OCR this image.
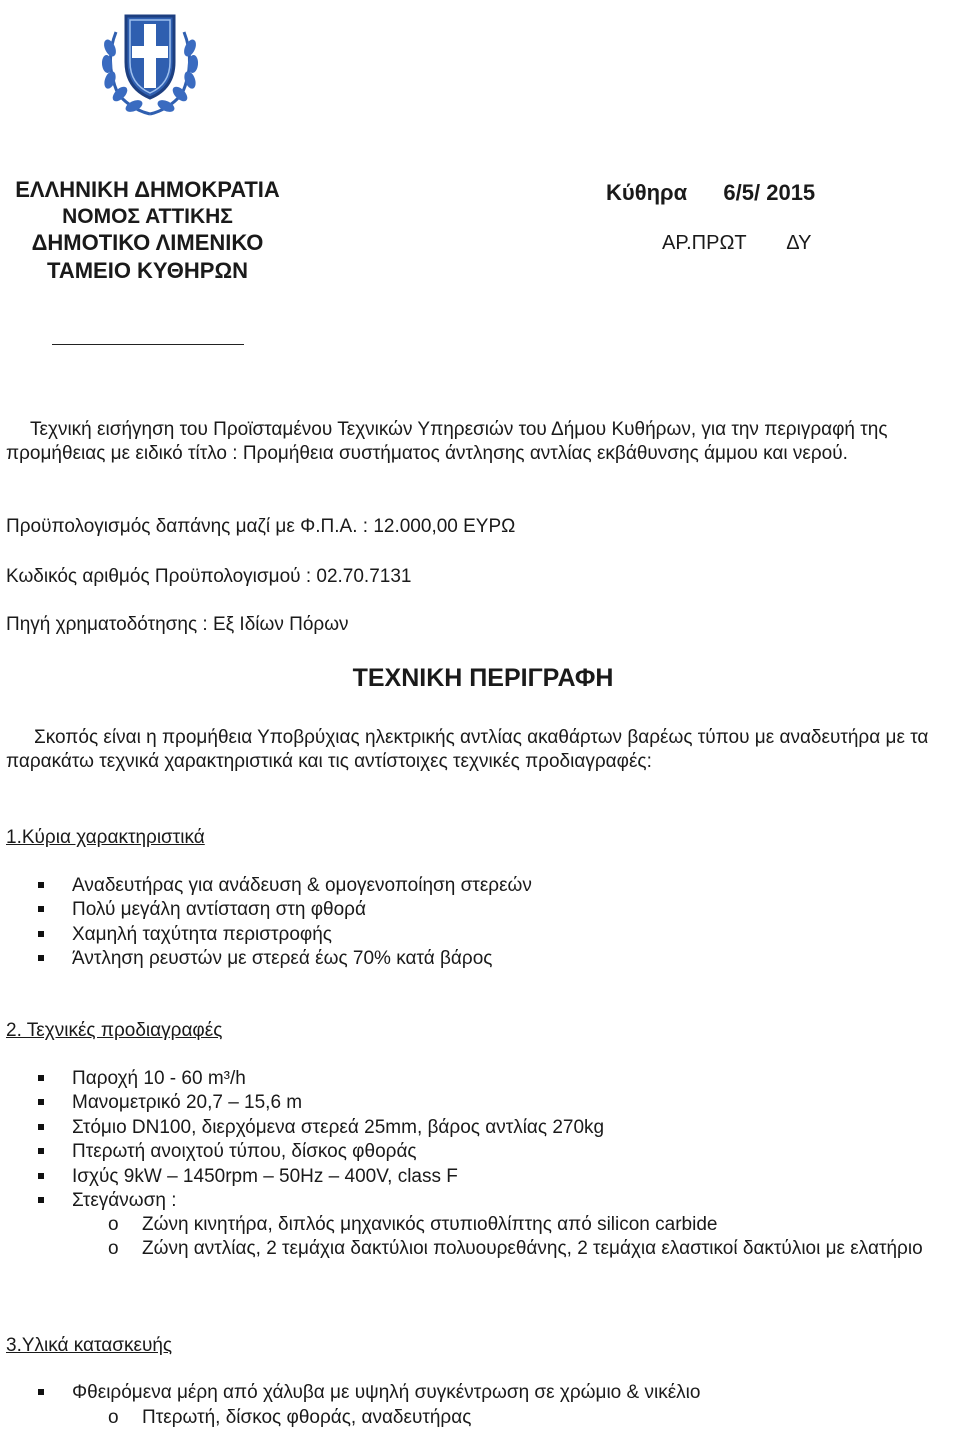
ΕΛΛΗΝΙΚΗ ΔΗΜΟΚΡΑΤΙΑ
ΝΟΜΟΣ ΑΤΤΙΚΗΣ
ΔΗΜΟΤΙΚΟ ΛΙΜΕΝΙΚΟ
ΤΑΜΕΙΟ ΚΥΘΗΡΩΝ
Κύθηρα 6/5/ 2015
ΑΡ.ΠΡΩΤ ΔΥ
Τεχνική εισήγηση του Προϊσταμένου Τεχνικών Υπηρεσιών του Δήμου Κυθήρων, για την περιγραφή της προμήθειας με ειδικό τίτλο : Προμήθεια συστήματος άντλησης αντλίας εκβάθυνσης άμμου και νερού.
Προϋπολογισμός δαπάνης μαζί με Φ.Π.Α. : 12.000,00 ΕΥΡΩ
Κωδικός αριθμός Προϋπολογισμού : 02.70.7131
Πηγή χρηματοδότησης : Εξ Ιδίων Πόρων
ΤΕΧΝΙΚΗ ΠΕΡΙΓΡΑΦΗ
Σκοπός είναι η προμήθεια Υποβρύχιας ηλεκτρικής αντλίας ακαθάρτων βαρέως τύπου με αναδευτήρα με τα παρακάτω τεχνικά χαρακτηριστικά και τις αντίστοιχες τεχνικές προδιαγραφές:
1.Κύρια χαρακτηριστικά
Αναδευτήρας για ανάδευση & ομογενοποίηση στερεών
Πολύ μεγάλη αντίσταση στη φθορά
Χαμηλή ταχύτητα περιστροφής
Άντληση ρευστών με στερεά έως 70% κατά βάρος
2. Τεχνικές προδιαγραφές
Παροχή 10 - 60 m³/h
Μανομετρικό 20,7 – 15,6 m
Στόμιο DN100, διερχόμενα στερεά 25mm, βάρος αντλίας 270kg
Πτερωτή ανοιχτού τύπου, δίσκος φθοράς
Ισχύς 9kW – 1450rpm – 50Hz – 400V, class F
Στεγάνωση :
o Ζώνη κινητήρα, διπλός μηχανικός στυπιοθλίπτης από silicon carbide
o Ζώνη αντλίας, 2 τεμάχια δακτύλιοι πολυουρεθάνης, 2 τεμάχια ελαστικοί δακτύλιοι με ελατήριο
3.Υλικά κατασκευής
Φθειρόμενα μέρη από χάλυβα με υψηλή συγκέντρωση σε χρώμιο & νικέλιο
o Πτερωτή, δίσκος φθοράς, αναδευτήρας
